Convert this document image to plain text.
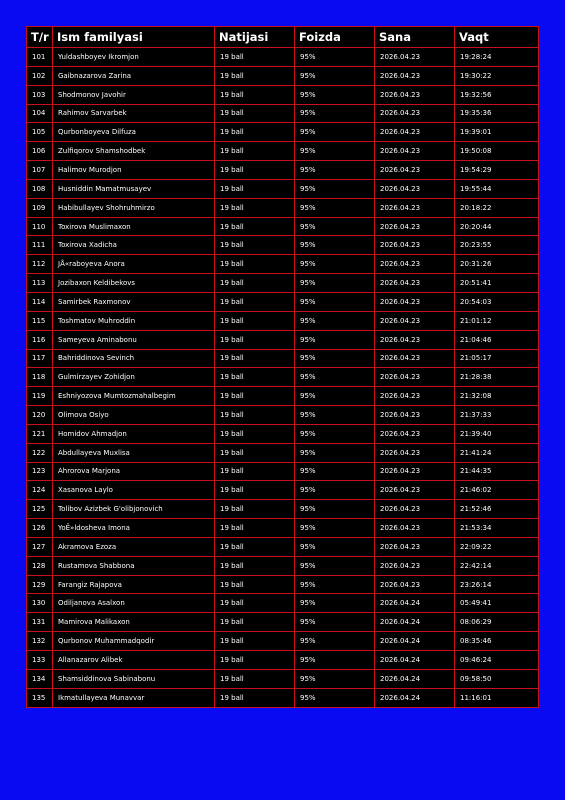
T/r	Ism familyasi	Natijasi	Foizda	Sana	Vaqt
101	Yuldashboyev Ikromjon	19 ball	95%	2026.04.23	19:28:24
102	Gaibnazarova Zarina	19 ball	95%	2026.04.23	19:30:22
103	Shodmonov Javohir	19 ball	95%	2026.04.23	19:32:56
104	Rahimov Sarvarbek	19 ball	95%	2026.04.23	19:35:36
105	Qurbonboyeva Dilfuza	19 ball	95%	2026.04.23	19:39:01
106	Zulfiqorov Shamshodbek	19 ball	95%	2026.04.23	19:50:08
107	Halimov Murodjon	19 ball	95%	2026.04.23	19:54:29
108	Husniddin Mamatmusayev	19 ball	95%	2026.04.23	19:55:44
109	Habibullayev Shohruhmirzo	19 ball	95%	2026.04.23	20:18:22
110	Toxirova Muslimaxon	19 ball	95%	2026.04.23	20:20:44
111	Toxirova Xadicha	19 ball	95%	2026.04.23	20:23:55
112	JÅ«raboyeva Anora	19 ball	95%	2026.04.23	20:31:26
113	Jozibaxon Keldibekovs	19 ball	95%	2026.04.23	20:51:41
114	Samirbek Raxmonov	19 ball	95%	2026.04.23	20:54:03
115	Toshmatov Muhroddin	19 ball	95%	2026.04.23	21:01:12
116	Sameyeva Aminabonu	19 ball	95%	2026.04.23	21:04:46
117	Bahriddinova Sevinch	19 ball	95%	2026.04.23	21:05:17
118	Gulmirzayev Zohidjon	19 ball	95%	2026.04.23	21:28:38
119	Eshniyozova Mumtozmahalbegim	19 ball	95%	2026.04.23	21:32:08
120	Olimova Osiyo	19 ball	95%	2026.04.23	21:37:33
121	Homidov Ahmadjon	19 ball	95%	2026.04.23	21:39:40
122	Abdullayeva Muxlisa	19 ball	95%	2026.04.23	21:41:24
123	Ahrorova Marjona	19 ball	95%	2026.04.23	21:44:35
124	Xasanova Laylo	19 ball	95%	2026.04.23	21:46:02
125	Tolibov Azizbek G'olibjonovich	19 ball	95%	2026.04.23	21:52:46
126	YoÊ»ldosheva Imona	19 ball	95%	2026.04.23	21:53:34
127	Akramova Ezoza	19 ball	95%	2026.04.23	22:09:22
128	Rustamova Shabbona	19 ball	95%	2026.04.23	22:42:14
129	Farangiz Rajapova	19 ball	95%	2026.04.23	23:26:14
130	Odiljanova Asalxon	19 ball	95%	2026.04.24	05:49:41
131	Mamirova Malikaxon	19 ball	95%	2026.04.24	08:06:29
132	Qurbonov Muhammadqodir	19 ball	95%	2026.04.24	08:35:46
133	Allanazarov Alibek	19 ball	95%	2026.04.24	09:46:24
134	Shamsiddinova Sabinabonu	19 ball	95%	2026.04.24	09:58:50
135	Ikmatullayeva Munavvar	19 ball	95%	2026.04.24	11:16:01
